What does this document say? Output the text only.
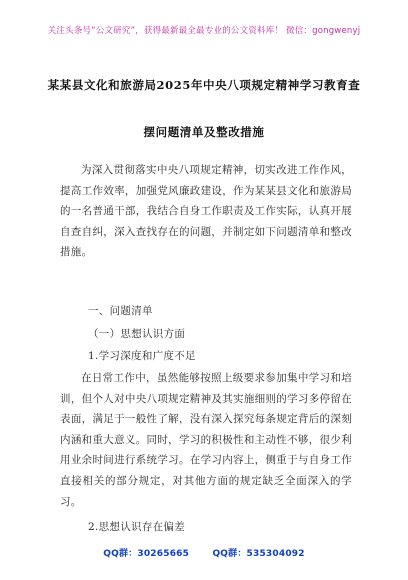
关注头条号“公文研究”，获得最新最全最专业的公文资料库！ 微信：gongwenyj
某某县文化和旅游局2025年中央八项规定精神学习教育查
摆问题清单及整改措施
为深入贯彻落实中央八项规定精神，切实改进工作作风，提高工作效率，加强党风廉政建设，作为某某县文化和旅游局的一名普通干部，我结合自身工作职责及工作实际，认真开展自查自纠，深入查找存在的问题，并制定如下问题清单和整改措施。
一、问题清单
（一）思想认识方面
1.学习深度和广度不足
在日常工作中，虽然能够按照上级要求参加集中学习和培训，但个人对中央八项规定精神及其实施细则的学习多停留在表面，满足于一般性了解，没有深入探究每条规定背后的深刻内涵和重大意义。同时，学习的积极性和主动性不够，很少利用业余时间进行系统学习。在学习内容上，侧重于与自身工作直接相关的部分规定，对其他方面的规定缺乏全面深入的学习。
2.思想认识存在偏差
QQ群：30265665	QQ群：535304092
